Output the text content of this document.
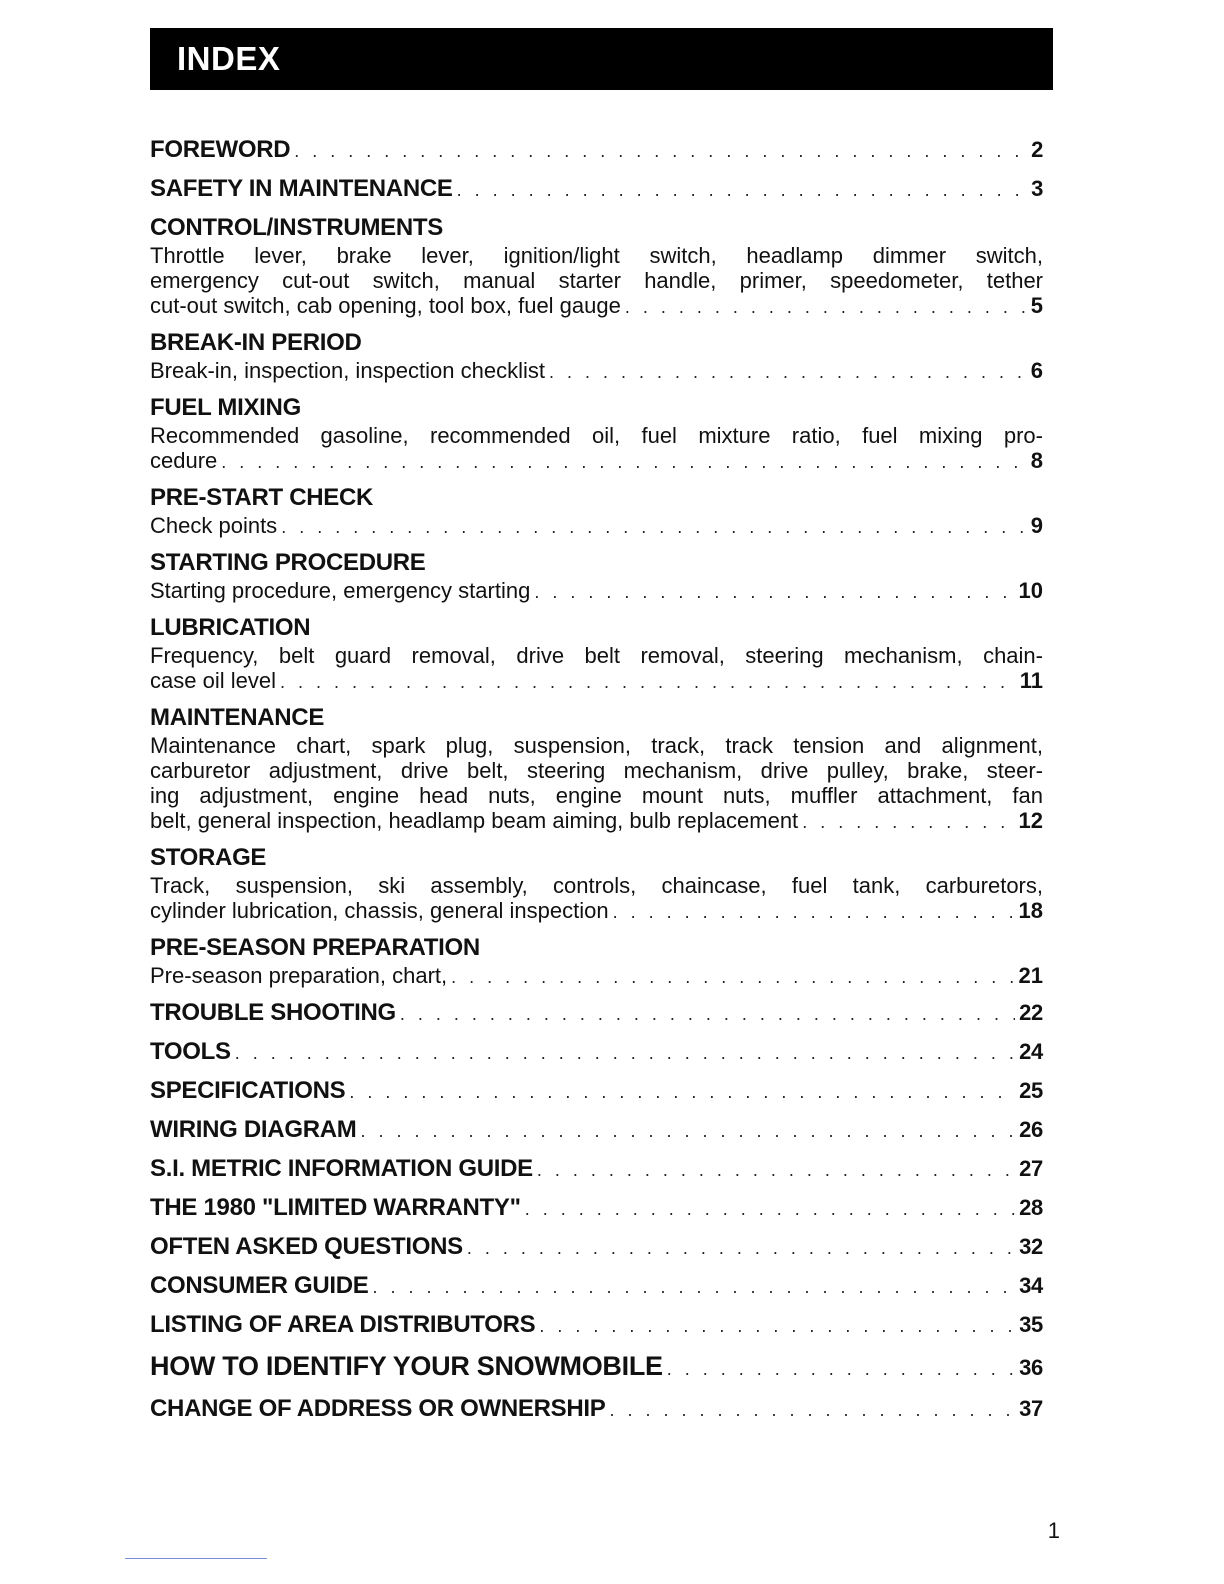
INDEX
FOREWORD . . .	2
SAFETY IN MAINTENANCE . . .	3
CONTROL/INSTRUMENTS
Throttle lever, brake lever, ignition/light switch, headlamp dimmer switch,
emergency cut-out switch, manual starter handle, primer, speedometer, tether
cut-out switch, cab opening, tool box, fuel gauge . . .	5
BREAK-IN PERIOD
Break-in, inspection, inspection checklist . . .	6
FUEL MIXING
Recommended gasoline, recommended oil, fuel mixture ratio, fuel mixing pro-
cedure . . .	8
PRE-START CHECK
Check points . . .	9
STARTING PROCEDURE
Starting procedure, emergency starting . . .	10
LUBRICATION
Frequency, belt guard removal, drive belt removal, steering mechanism, chain-
case oil level . . .	11
MAINTENANCE
Maintenance chart, spark plug, suspension, track, track tension and alignment,
carburetor adjustment, drive belt, steering mechanism, drive pulley, brake, steer-
ing adjustment, engine head nuts, engine mount nuts, muffler attachment, fan
belt, general inspection, headlamp beam aiming, bulb replacement . . .	12
STORAGE
Track, suspension, ski assembly, controls, chaincase, fuel tank, carburetors,
cylinder lubrication, chassis, general inspection . . .	18
PRE-SEASON PREPARATION
Pre-season preparation, chart, . . .	21
TROUBLE SHOOTING . . .	22
TOOLS . . .	24
SPECIFICATIONS . . .	25
WIRING DIAGRAM . . .	26
S.I. METRIC INFORMATION GUIDE . . .	27
THE 1980 "LIMITED WARRANTY" . . .	28
OFTEN ASKED QUESTIONS . . .	32
CONSUMER GUIDE . . .	34
LISTING OF AREA DISTRIBUTORS . . .	35
HOW TO IDENTIFY YOUR SNOWMOBILE . . .	36
CHANGE OF ADDRESS OR OWNERSHIP . . .	37
1
